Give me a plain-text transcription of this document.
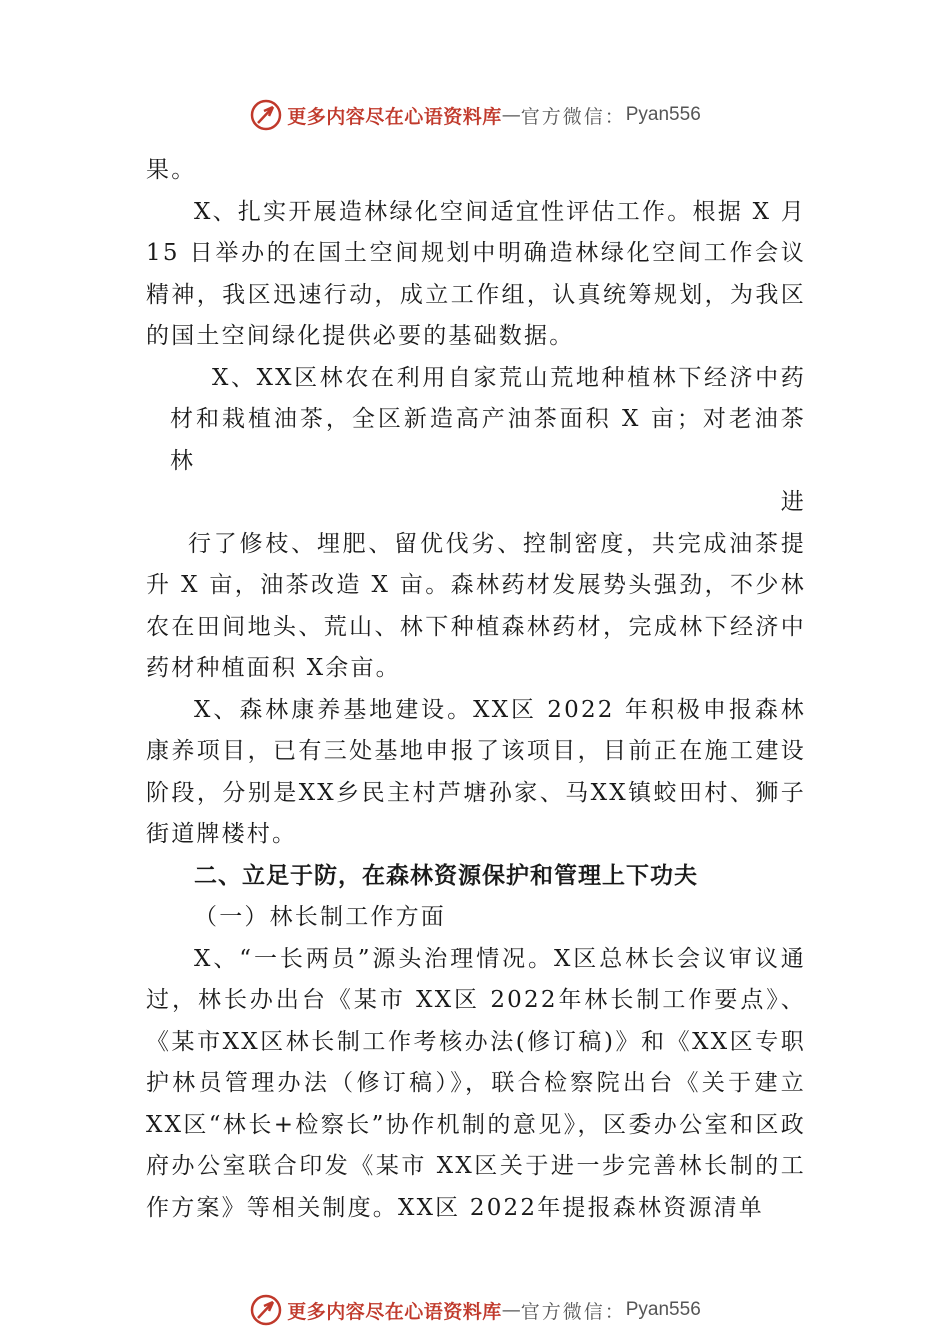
更多内容尽在心语资料库 — 官方微信： Pyan556

果。

X、扎实开展造林绿化空间适宜性评估工作。根据 X 月 15 日举办的在国土空间规划中明确造林绿化空间工作会议精神，我区迅速行动，成立工作组，认真统筹规划，为我区的国土空间绿化提供必要的基础数据。

X、XX区林农在利用自家荒山荒地种植林下经济中药材和栽植油茶，全区新造高产油茶面积 X 亩；对老油茶林

进

行了修枝、埋肥、留优伐劣、控制密度，共完成油茶提升 X 亩，油茶改造 X 亩。森林药材发展势头强劲，不少林农在田间地头、荒山、林下种植森林药材，完成林下经济中药材种植面积 X余亩。

X、森林康养基地建设。XX区 2022 年积极申报森林康养项目，已有三处基地申报了该项目，目前正在施工建设阶段，分别是XX乡民主村芦塘孙家、马XX镇蛟田村、狮子街道牌楼村。

二、立足于防，在森林资源保护和管理上下功夫

（一）林长制工作方面

X、“一长两员”源头治理情况。X区总林长会议审议通过，林长办出台《某市 XX区 2022年林长制工作要点》、《某市XX区林长制工作考核办法(修订稿)》和《XX区专职护林员管理办法（修订稿）》，联合检察院出台《关于建立XX区“林长+检察长”协作机制的意见》，区委办公室和区政府办公室联合印发《某市 XX区关于进一步完善林长制的工作方案》等相关制度。XX区 2022年提报森林资源清单

更多内容尽在心语资料库 — 官方微信： Pyan556
